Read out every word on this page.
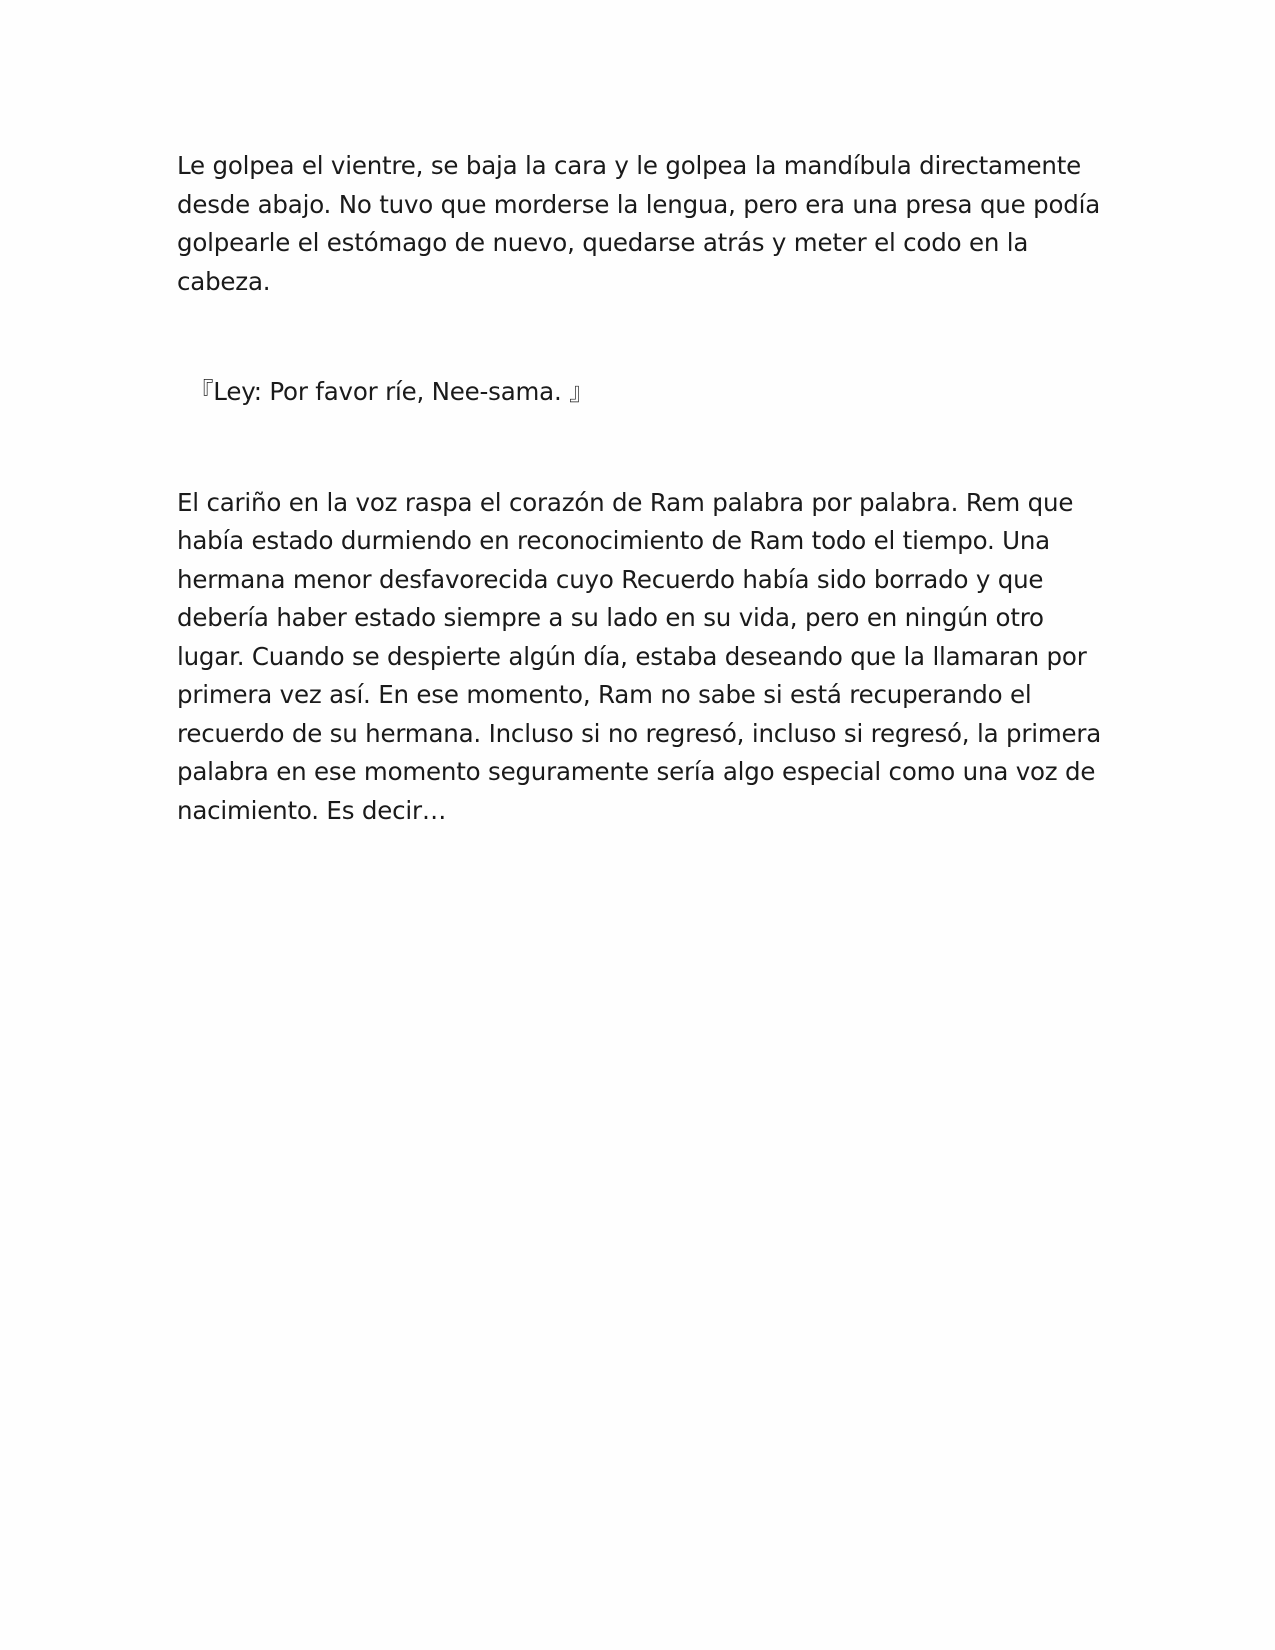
Le golpea el vientre, se baja la cara y le golpea la mandíbula directamente desde abajo. No tuvo que morderse la lengua, pero era una presa que podía golpearle el estómago de nuevo, quedarse atrás y meter el codo en la cabeza.

『Ley: Por favor ríe, Nee-sama. 』

El cariño en la voz raspa el corazón de Ram palabra por palabra. Rem que había estado durmiendo en reconocimiento de Ram todo el tiempo. Una hermana menor desfavorecida cuyo Recuerdo había sido borrado y que debería haber estado siempre a su lado en su vida, pero en ningún otro lugar. Cuando se despierte algún día, estaba deseando que la llamaran por primera vez así. En ese momento, Ram no sabe si está recuperando el recuerdo de su hermana. Incluso si no regresó, incluso si regresó, la primera palabra en ese momento seguramente sería algo especial como una voz de nacimiento. Es decir…
